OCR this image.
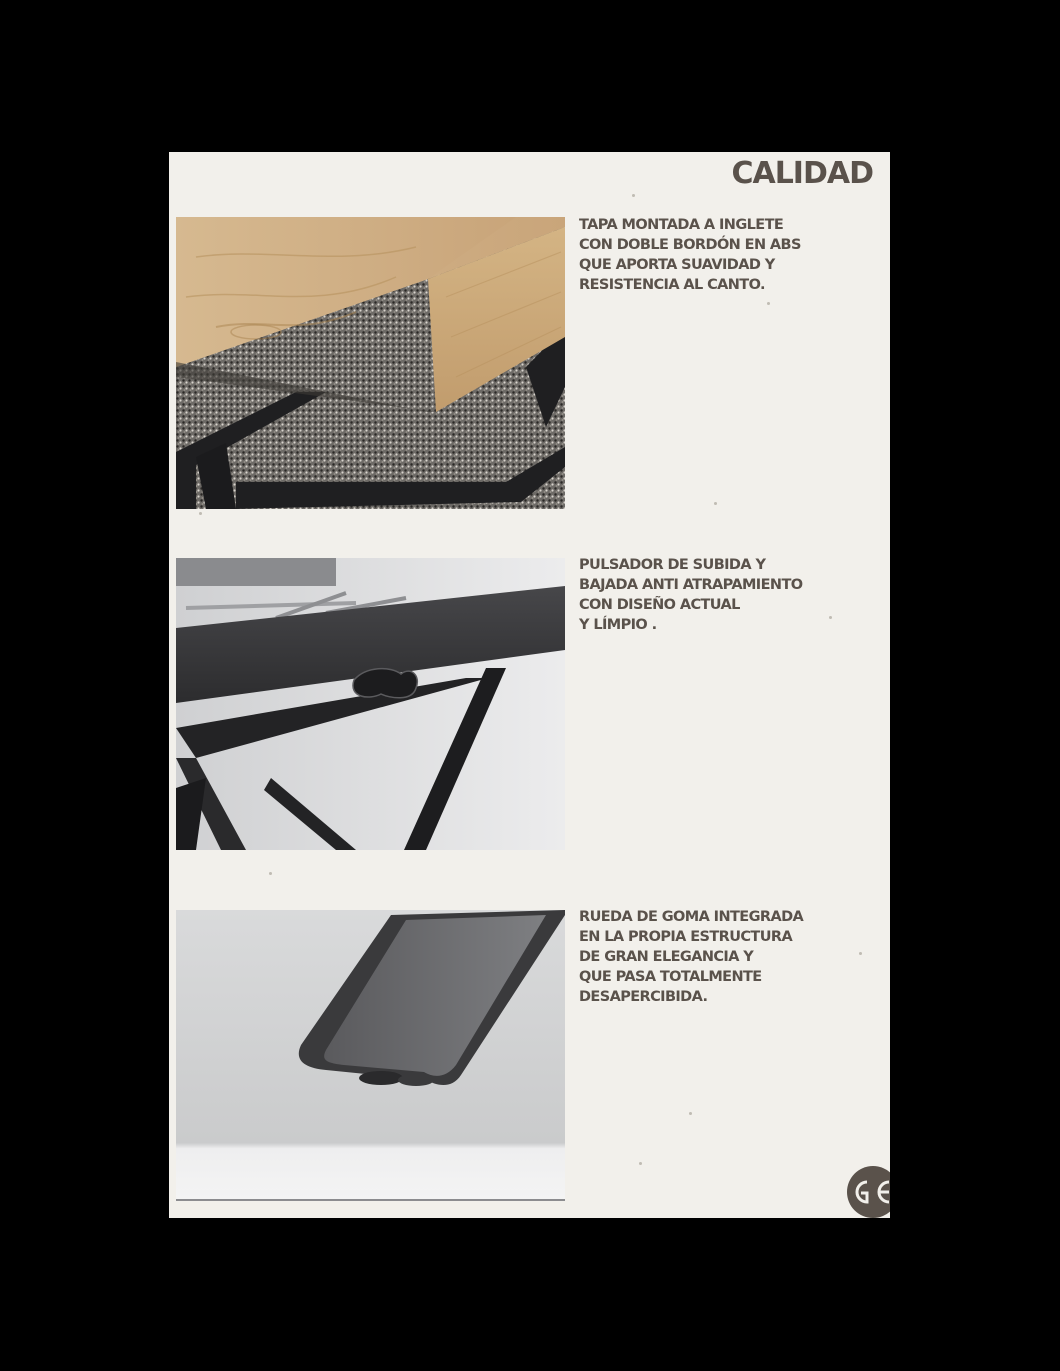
CALIDAD

TAPA MONTADA A INGLETE
CON DOBLE BORDÓN EN ABS
QUE APORTA SUAVIDAD Y
RESISTENCIA AL CANTO.

PULSADOR DE SUBIDA Y
BAJADA ANTI ATRAPAMIENTO
CON DISEÑO ACTUAL
Y LÍMPIO .

RUEDA DE GOMA INTEGRADA
EN LA PROPIA ESTRUCTURA
DE GRAN ELEGANCIA Y
QUE PASA TOTALMENTE
DESAPERCIBIDA.
